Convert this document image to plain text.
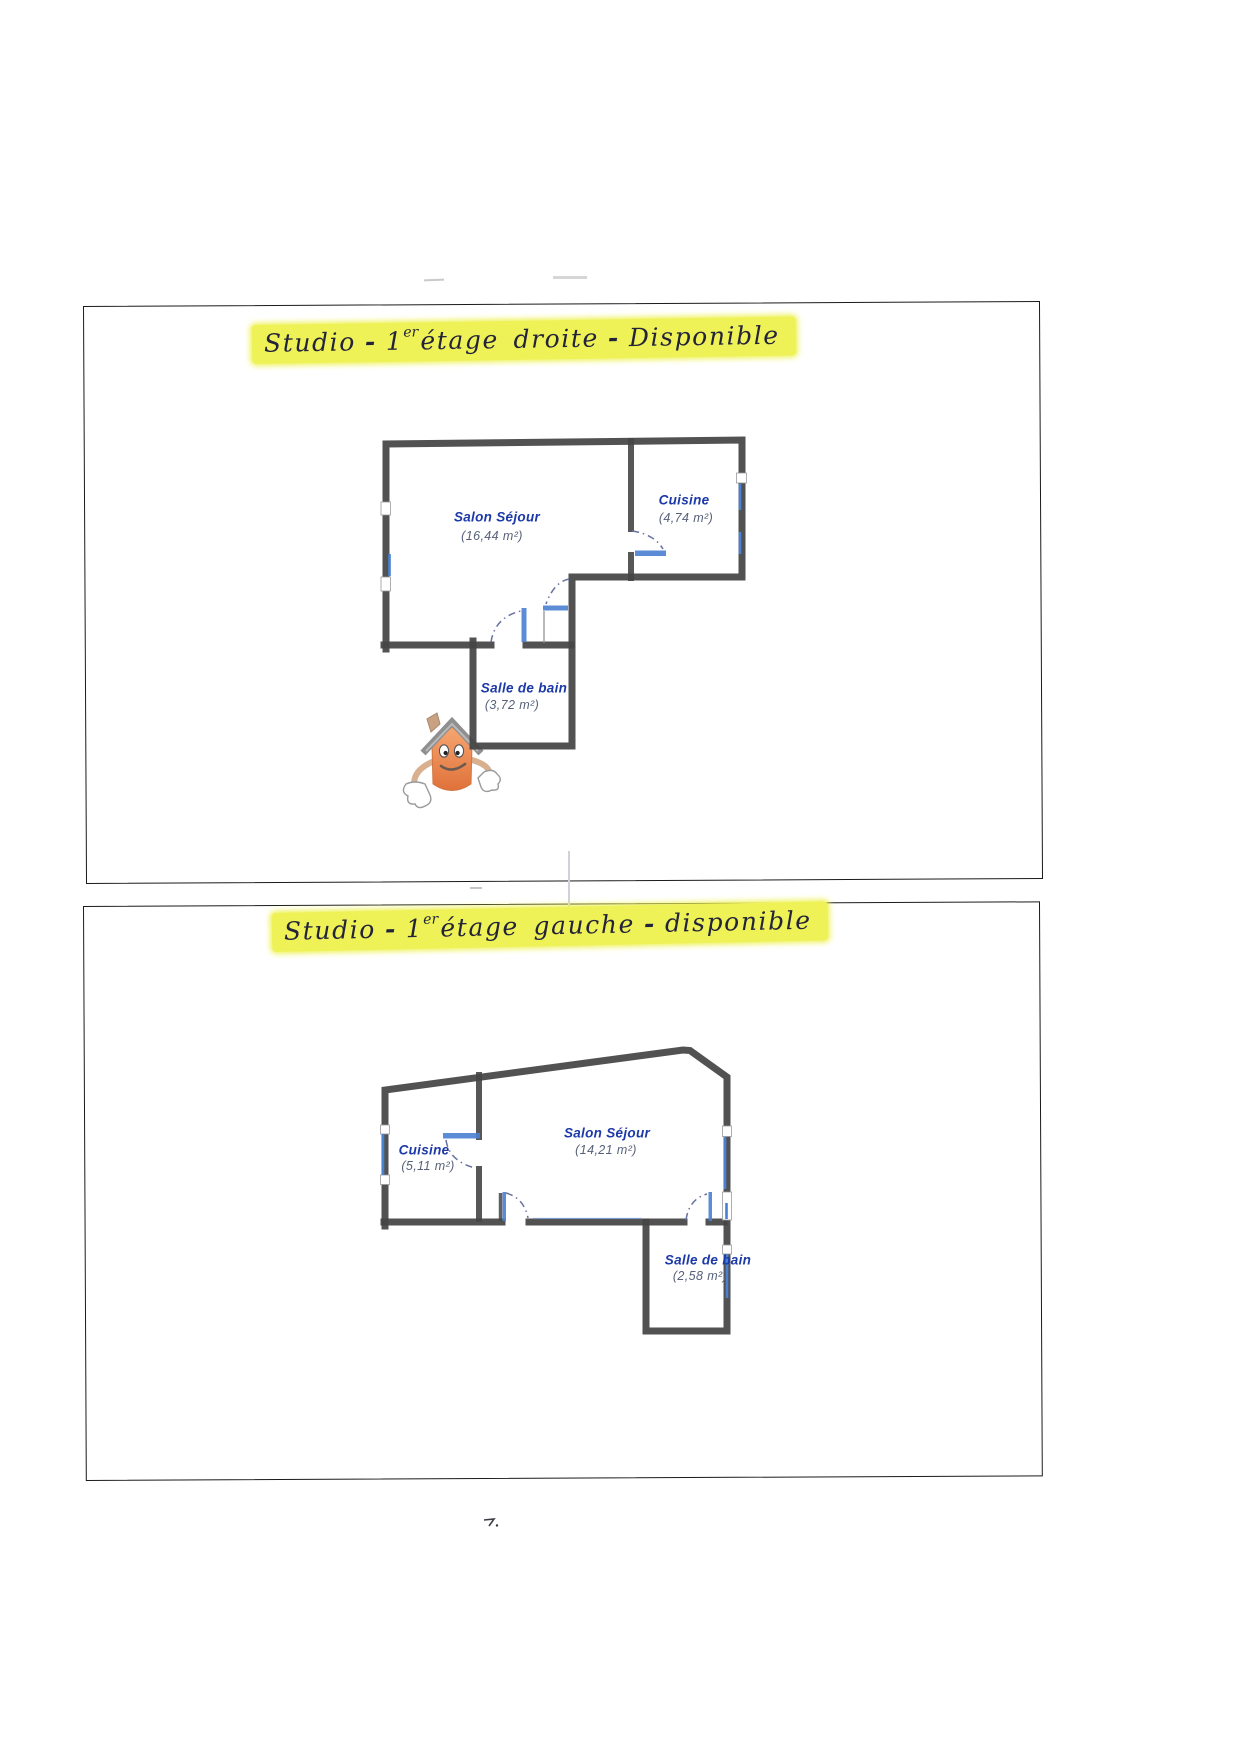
Studio - 1erétage droite - Disponible
Salon Séjour
(16,44 m²)
Cuisine
(4,74 m²)
Salle de bain
(3,72 m²)
Studio - 1erétage gauche - disponible
Cuisine
(5,11 m²)
Salon Séjour
(14,21 m²)
Salle de bain
(2,58 m²)
